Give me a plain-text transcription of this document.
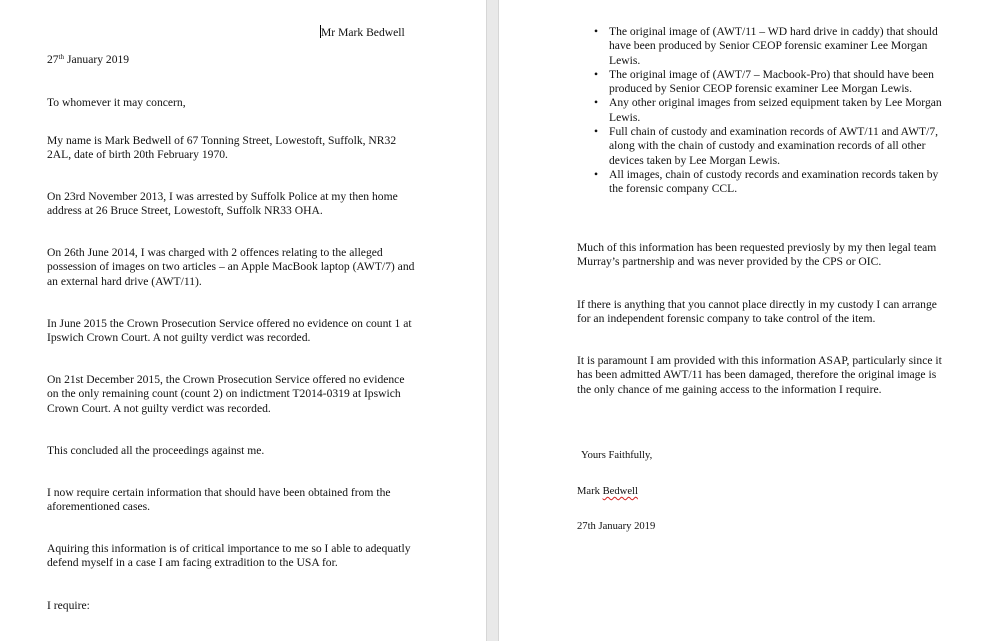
Mr Mark Bedwell
27th January 2019
To whomever it may concern,
My name is Mark Bedwell of 67 Tonning Street, Lowestoft, Suffolk, NR32 2AL, date of birth 20th February 1970.
On 23rd November 2013, I was arrested by Suffolk Police at my then home address at 26 Bruce Street, Lowestoft, Suffolk NR33 OHA.
On 26th June 2014, I was charged with 2 offences relating to the alleged possession of images on two articles – an Apple MacBook laptop (AWT/7) and an external hard drive (AWT/11).
In June 2015 the Crown Prosecution Service offered no evidence on count 1 at Ipswich Crown Court. A not guilty verdict was recorded.
On 21st December 2015, the Crown Prosecution Service offered no evidence on the only remaining count (count 2) on indictment T2014-0319 at Ipswich Crown Court. A not guilty verdict was recorded.
This concluded all the proceedings against me.
I now require certain information that should have been obtained from the aforementioned cases.
Aquiring this information is of critical importance to me so I able to adequatly defend myself in a case I am facing extradition to the USA for.
I require:
• The original image of (AWT/11 – WD hard drive in caddy) that should have been produced by Senior CEOP forensic examiner Lee Morgan Lewis.
• The original image of (AWT/7 – Macbook-Pro) that should have been produced by Senior CEOP forensic examiner Lee Morgan Lewis.
• Any other original images from seized equipment taken by Lee Morgan Lewis.
• Full chain of custody and examination records of AWT/11 and AWT/7, along with the chain of custody and examination records of all other devices taken by Lee Morgan Lewis.
• All images, chain of custody records and examination records taken by the forensic company CCL.
Much of this information has been requested previosly by my then legal team Murray’s partnership and was never provided by the CPS or OIC.
If there is anything that you cannot place directly in my custody I can arrange for an independent forensic company to take control of the item.
It is paramount I am provided with this information ASAP, particularly since it has been admitted AWT/11 has been damaged, therefore the original image is the only chance of me gaining access to the information I require.
Yours Faithfully,
Mark Bedwell
27th January 2019
